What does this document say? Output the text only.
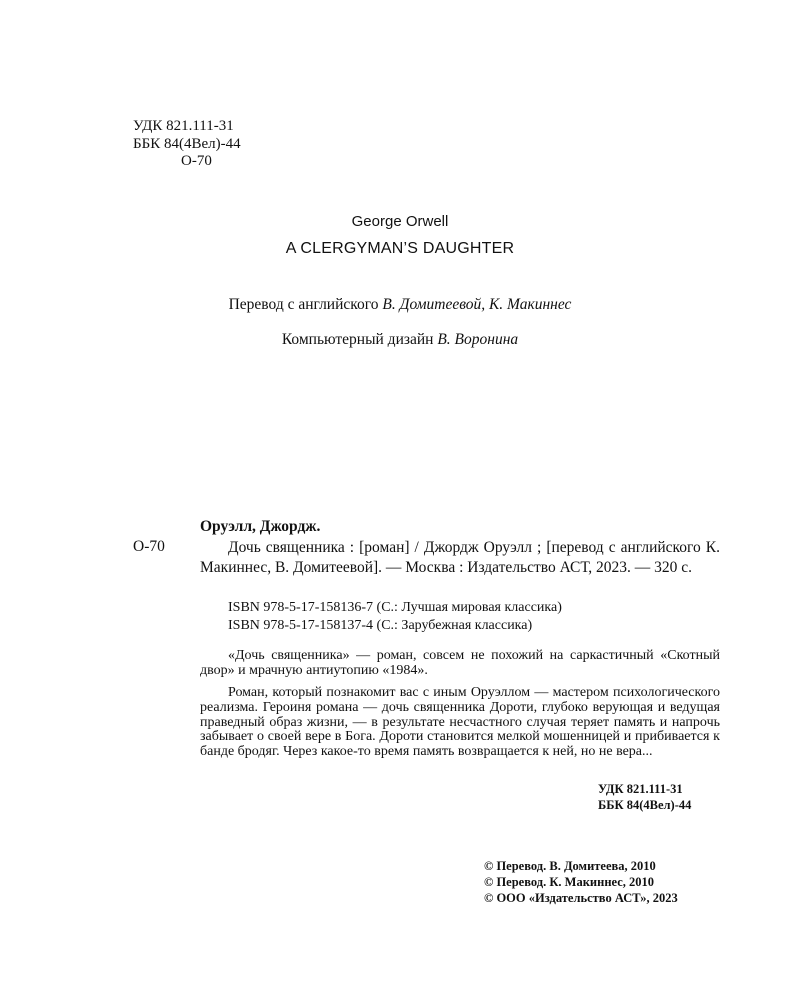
УДК 821.111-31
ББК 84(4Вел)-44
О-70
George Orwell
A CLERGYMAN’S DAUGHTER
Перевод с английского В. Домитеевой, К. Макиннес
Компьютерный дизайн В. Воронина
Оруэлл, Джордж.
О-70	Дочь священника : [роман] / Джордж Оруэлл ; [перевод с английского К. Макиннес, В. Домитеевой]. — Москва : Издательство АСТ, 2023. — 320 с.
ISBN 978-5-17-158136-7 (С.: Лучшая мировая классика)
ISBN 978-5-17-158137-4 (С.: Зарубежная классика)
«Дочь священника» — роман, совсем не похожий на саркастичный «Скотный двор» и мрачную антиутопию «1984».
Роман, который познакомит вас с иным Оруэллом — мастером психологического реализма. Героиня романа — дочь священника Дороти, глубоко верующая и ведущая праведный образ жизни, — в результате несчастного случая теряет память и напрочь забывает о своей вере в Бога. Дороти становится мелкой мошенницей и прибивается к банде бродяг. Через какое-то время память возвращается к ней, но не вера...
УДК 821.111-31
ББК 84(4Вел)-44
© Перевод. В. Домитеева, 2010
© Перевод. К. Макиннес, 2010
© ООО «Издательство АСТ», 2023
